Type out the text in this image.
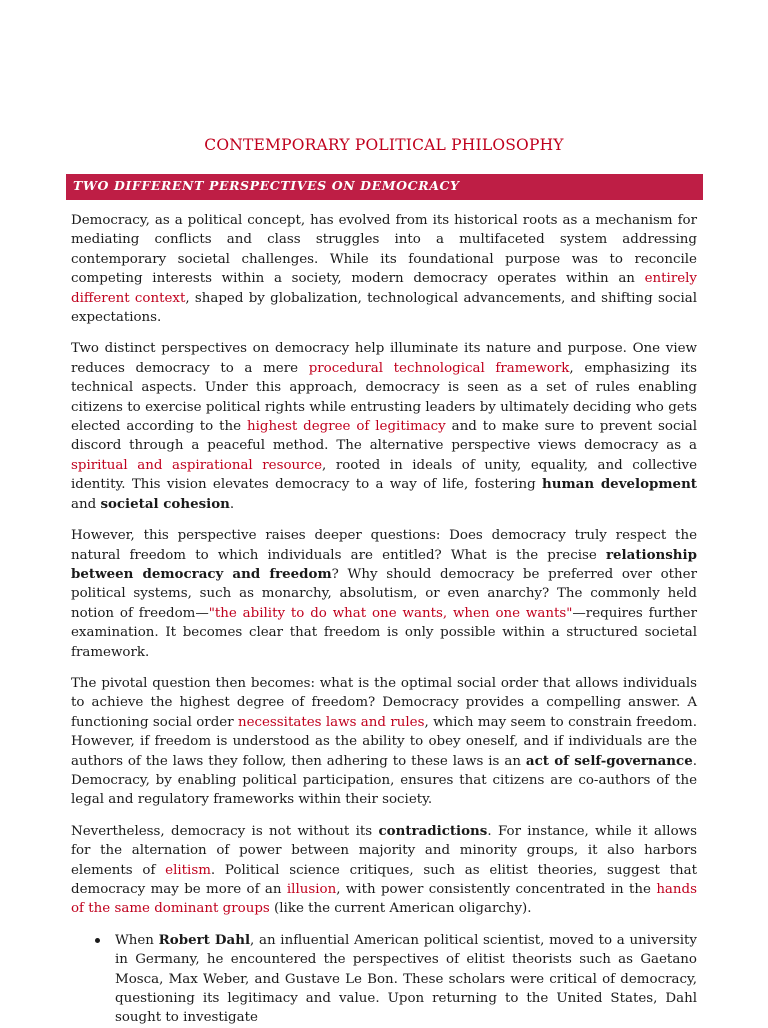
CONTEMPORARY POLITICAL PHILOSOPHY
TWO DIFFERENT PERSPECTIVES ON DEMOCRACY

Democracy, as a political concept, has evolved from its historical roots as a mechanism for mediating conflicts and class struggles into a multifaceted system addressing contemporary societal challenges. While its foundational purpose was to reconcile competing interests within a society, modern democracy operates within an entirely different context, shaped by globalization, technological advancements, and shifting social expectations.

Two distinct perspectives on democracy help illuminate its nature and purpose. One view reduces democracy to a mere procedural technological framework, emphasizing its technical aspects. Under this approach, democracy is seen as a set of rules enabling citizens to exercise political rights while entrusting leaders by ultimately deciding who gets elected according to the highest degree of legitimacy and to make sure to prevent social discord through a peaceful method. The alternative perspective views democracy as a spiritual and aspirational resource, rooted in ideals of unity, equality, and collective identity. This vision elevates democracy to a way of life, fostering human development and societal cohesion.

However, this perspective raises deeper questions: Does democracy truly respect the natural freedom to which individuals are entitled? What is the precise relationship between democracy and freedom? Why should democracy be preferred over other political systems, such as monarchy, absolutism, or even anarchy? The commonly held notion of freedom—"the ability to do what one wants, when one wants"—requires further examination. It becomes clear that freedom is only possible within a structured societal framework.

The pivotal question then becomes: what is the optimal social order that allows individuals to achieve the highest degree of freedom? Democracy provides a compelling answer. A functioning social order necessitates laws and rules, which may seem to constrain freedom. However, if freedom is understood as the ability to obey oneself, and if individuals are the authors of the laws they follow, then adhering to these laws is an act of self-governance. Democracy, by enabling political participation, ensures that citizens are co-authors of the legal and regulatory frameworks within their society.

Nevertheless, democracy is not without its contradictions. For instance, while it allows for the alternation of power between majority and minority groups, it also harbors elements of elitism. Political science critiques, such as elitist theories, suggest that democracy may be more of an illusion, with power consistently concentrated in the hands of the same dominant groups (like the current American oligarchy).

When Robert Dahl, an influential American political scientist, moved to a university in Germany, he encountered the perspectives of elitist theorists such as Gaetano Mosca, Max Weber, and Gustave Le Bon. These scholars were critical of democracy, questioning its legitimacy and value. Upon returning to the United States, Dahl sought to investigate
